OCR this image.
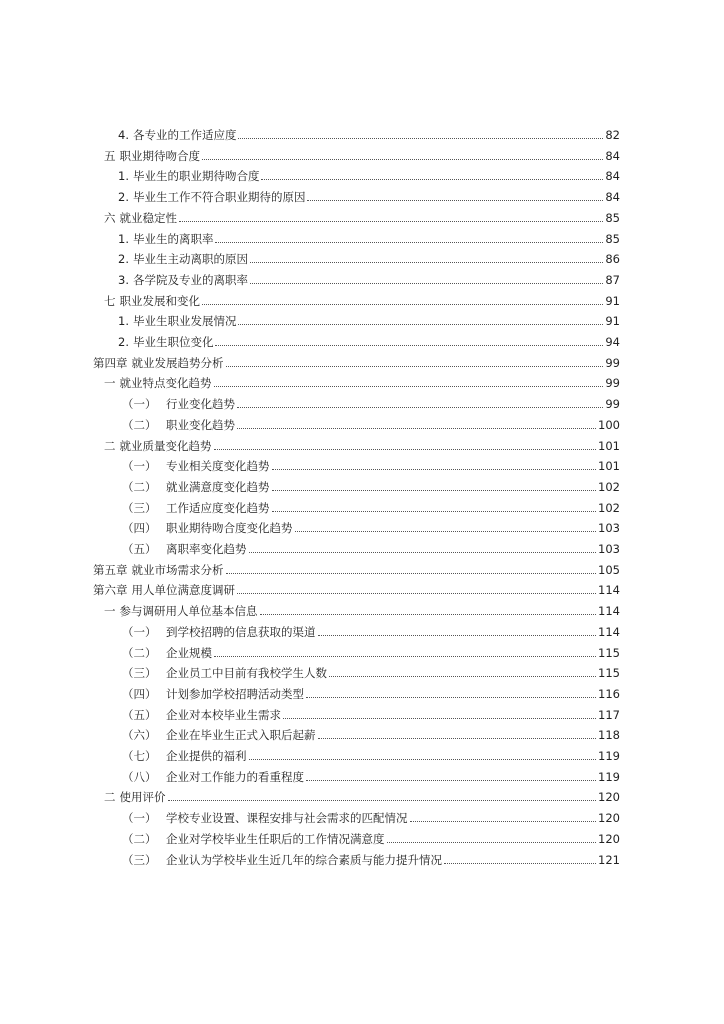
4. 各专业的工作适应度	82
五 职业期待吻合度	84
1. 毕业生的职业期待吻合度	84
2. 毕业生工作不符合职业期待的原因	84
六 就业稳定性	85
1. 毕业生的离职率	85
2. 毕业生主动离职的原因	86
3. 各学院及专业的离职率	87
七 职业发展和变化	91
1. 毕业生职业发展情况	91
2. 毕业生职位变化	94
第四章 就业发展趋势分析	99
一 就业特点变化趋势	99
（一） 行业变化趋势	99
（二） 职业变化趋势	100
二 就业质量变化趋势	101
（一） 专业相关度变化趋势	101
（二） 就业满意度变化趋势	102
（三） 工作适应度变化趋势	102
（四） 职业期待吻合度变化趋势	103
（五） 离职率变化趋势	103
第五章 就业市场需求分析	105
第六章 用人单位满意度调研	114
一 参与调研用人单位基本信息	114
（一） 到学校招聘的信息获取的渠道	114
（二） 企业规模	115
（三） 企业员工中目前有我校学生人数	115
（四） 计划参加学校招聘活动类型	116
（五） 企业对本校毕业生需求	117
（六） 企业在毕业生正式入职后起薪	118
（七） 企业提供的福利	119
（八） 企业对工作能力的看重程度	119
二 使用评价	120
（一） 学校专业设置、课程安排与社会需求的匹配情况	120
（二） 企业对学校毕业生任职后的工作情况满意度	120
（三） 企业认为学校毕业生近几年的综合素质与能力提升情况	121
